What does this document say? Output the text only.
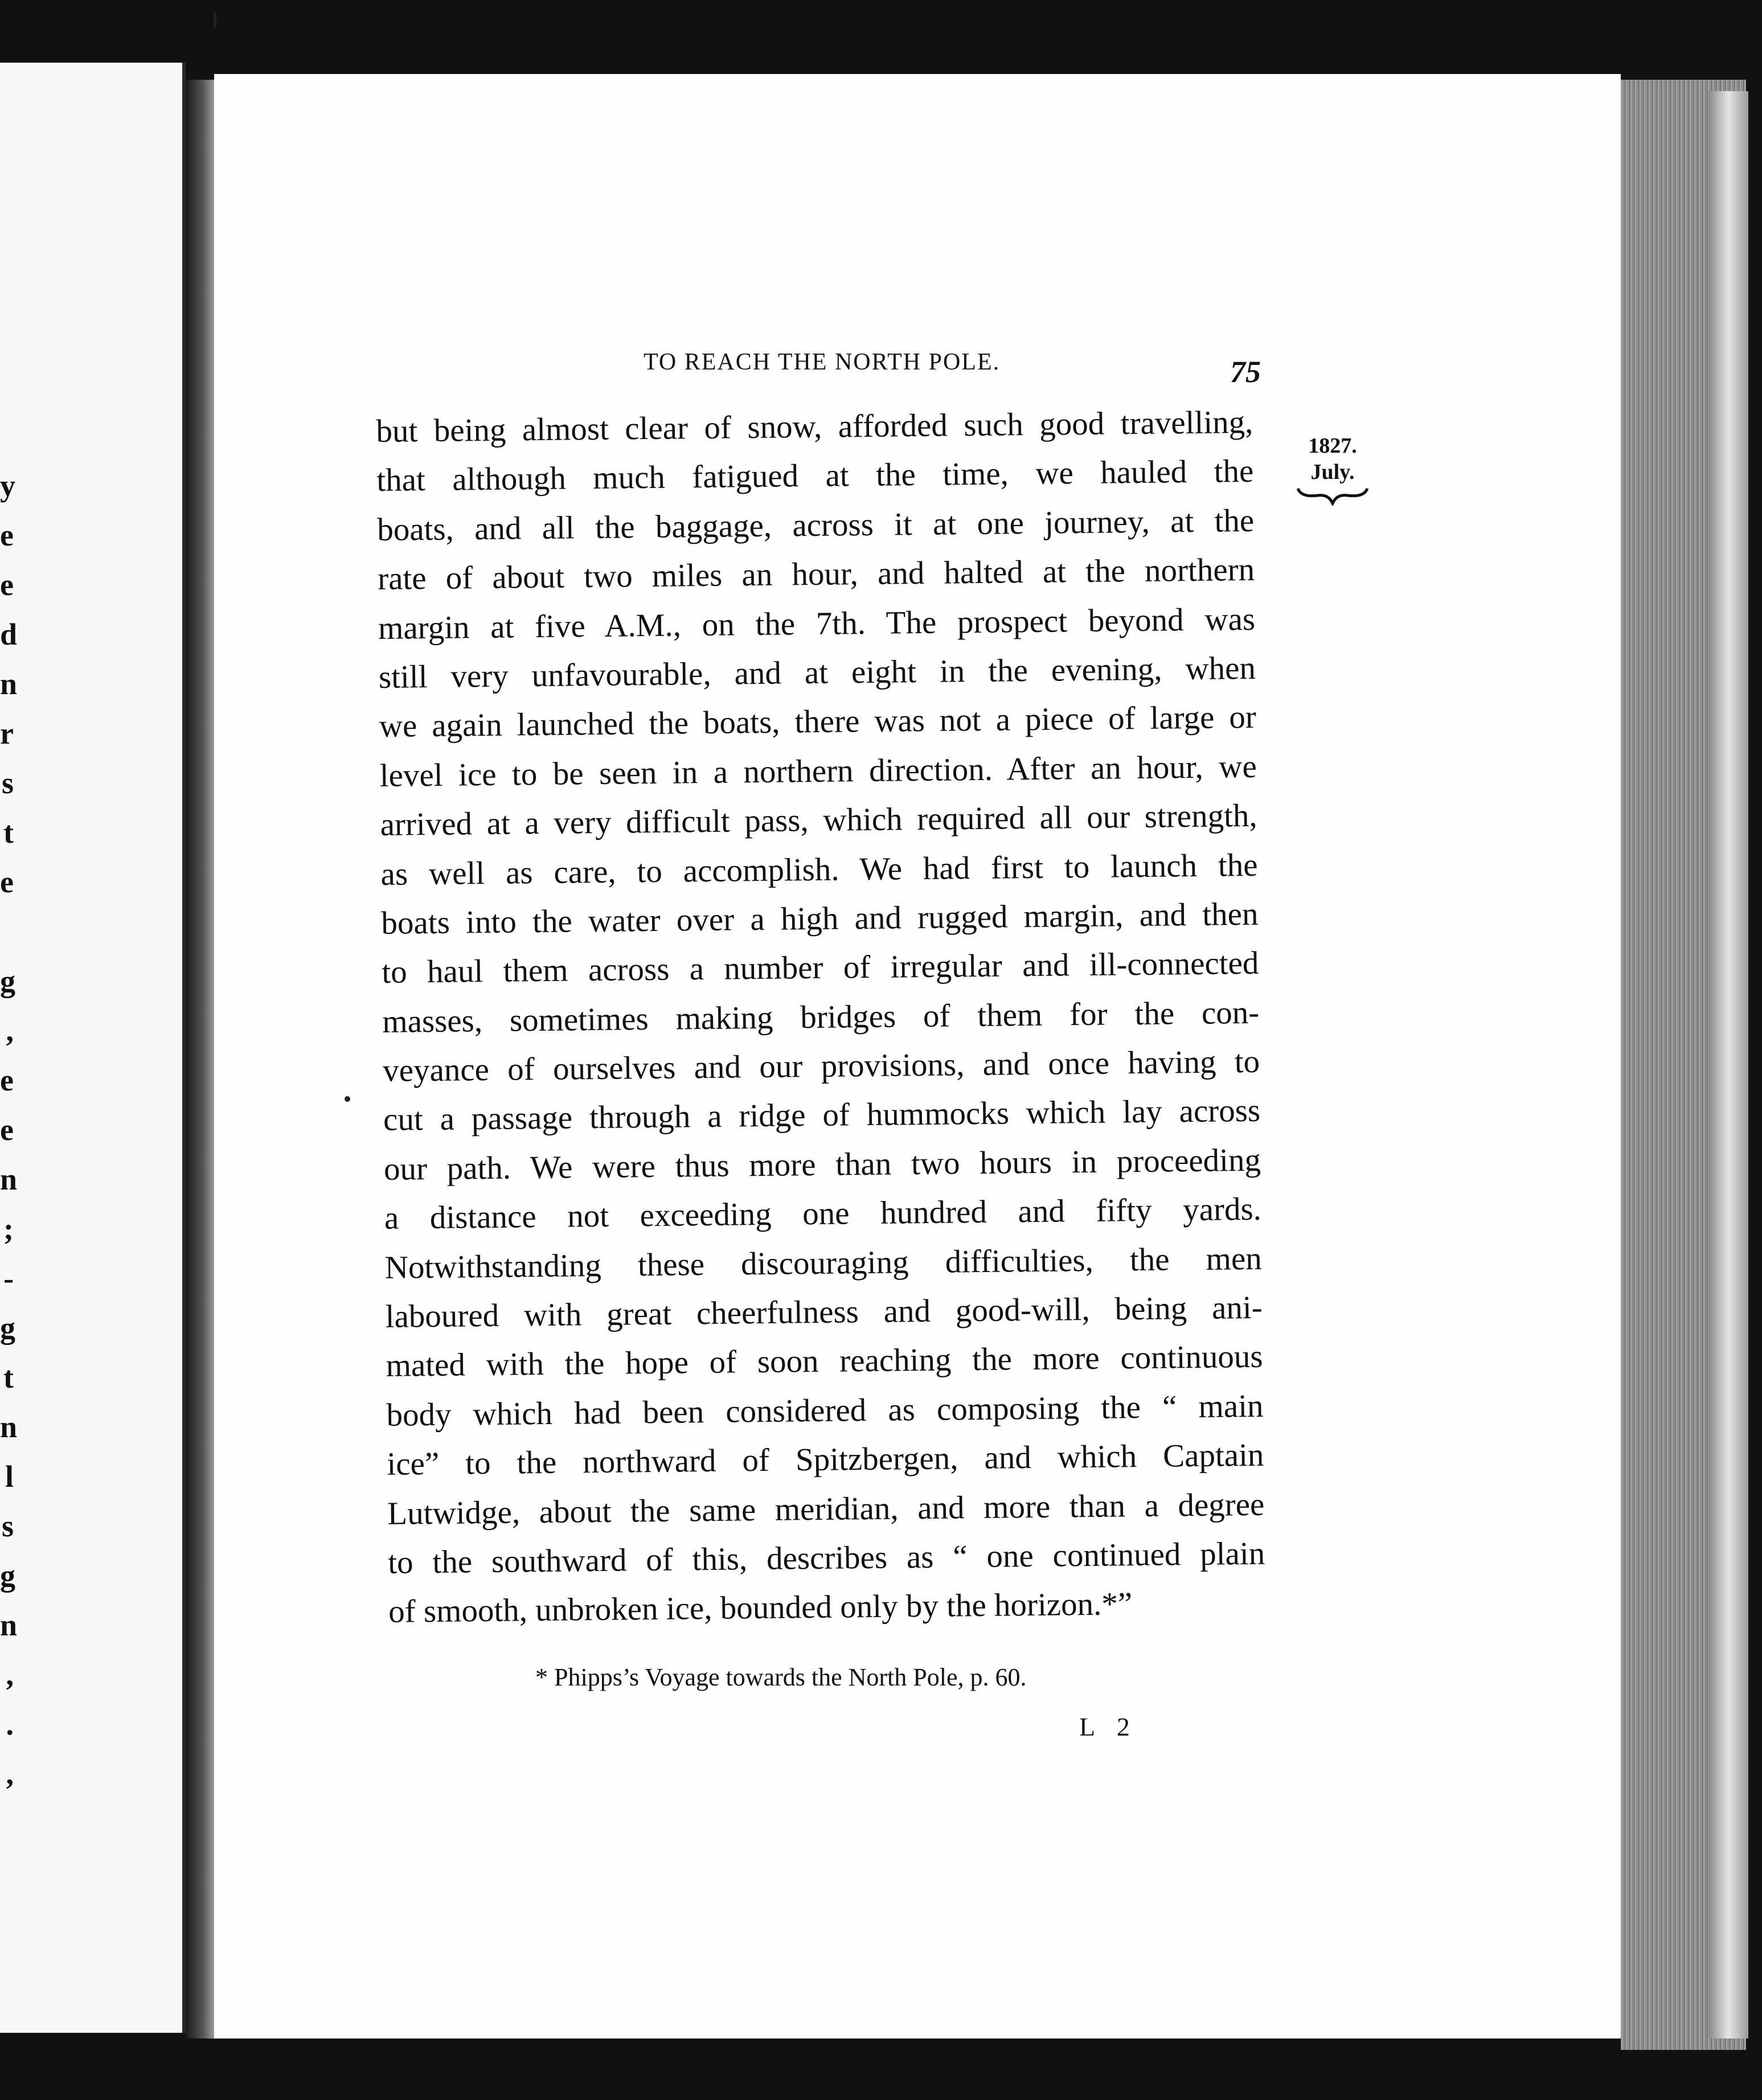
y
e
e
d
n
r
s
t
e
g
,
e
e
n
;
-
g
t
n
l
s
g
n
,
.
,
TO REACH THE NORTH POLE.	75
1827.
July.
but being almost clear of snow, afforded such good travelling,
that although much fatigued at the time, we hauled the
boats, and all the baggage, across it at one journey, at the
rate of about two miles an hour, and halted at the northern
margin at five A.M., on the 7th. The prospect beyond was
still very unfavourable, and at eight in the evening, when
we again launched the boats, there was not a piece of large or
level ice to be seen in a northern direction. After an hour, we
arrived at a very difficult pass, which required all our strength,
as well as care, to accomplish. We had first to launch the
boats into the water over a high and rugged margin, and then
to haul them across a number of irregular and ill-connected
masses, sometimes making bridges of them for the con-
veyance of ourselves and our provisions, and once having to
cut a passage through a ridge of hummocks which lay across
our path. We were thus more than two hours in proceeding
a distance not exceeding one hundred and fifty yards.
Notwithstanding these discouraging difficulties, the men
laboured with great cheerfulness and good-will, being ani-
mated with the hope of soon reaching the more continuous
body which had been considered as composing the “ main
ice” to the northward of Spitzbergen, and which Captain
Lutwidge, about the same meridian, and more than a degree
to the southward of this, describes as “ one continued plain
of smooth, unbroken ice, bounded only by the horizon.*”
* Phipps’s Voyage towards the North Pole, p. 60.
L 2
